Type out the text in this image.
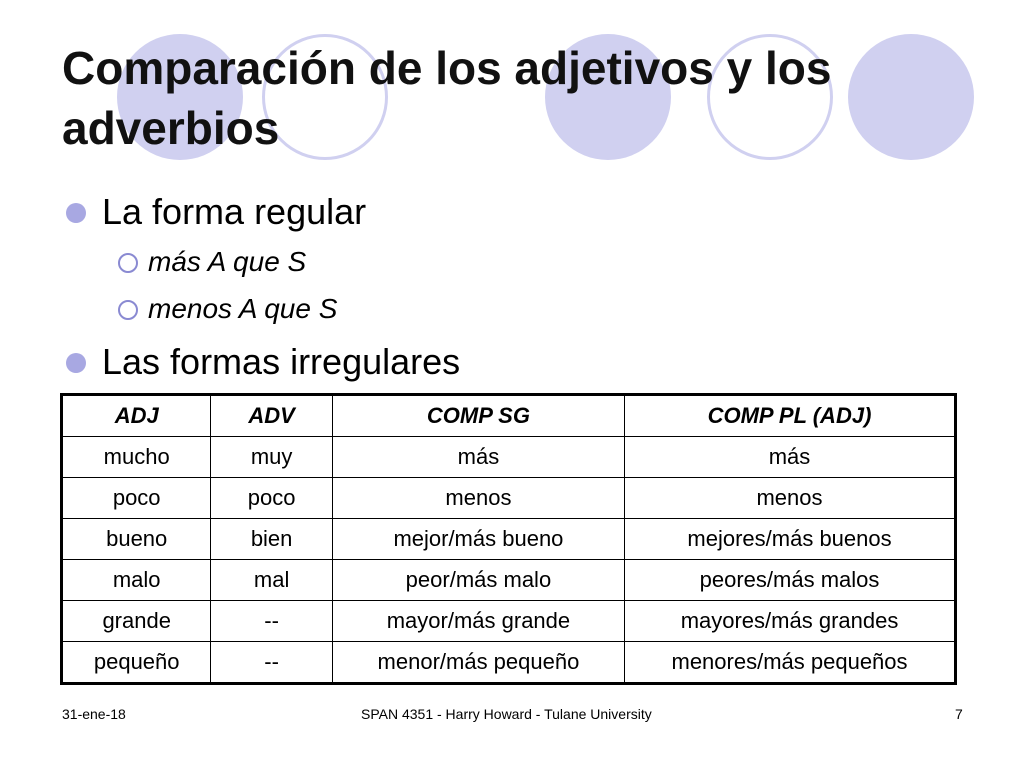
Comparación de los adjetivos y los adverbios
La forma regular
más A que S
menos A que S
Las formas irregulares
ADJ	ADV	COMP SG	COMP PL (ADJ)
mucho	muy	más	más
poco	poco	menos	menos
bueno	bien	mejor/más bueno	mejores/más buenos
malo	mal	peor/más malo	peores/más malos
grande	--	mayor/más grande	mayores/más grandes
pequeño	--	menor/más pequeño	menores/más pequeños
31-ene-18	SPAN 4351 - Harry Howard - Tulane University	7
